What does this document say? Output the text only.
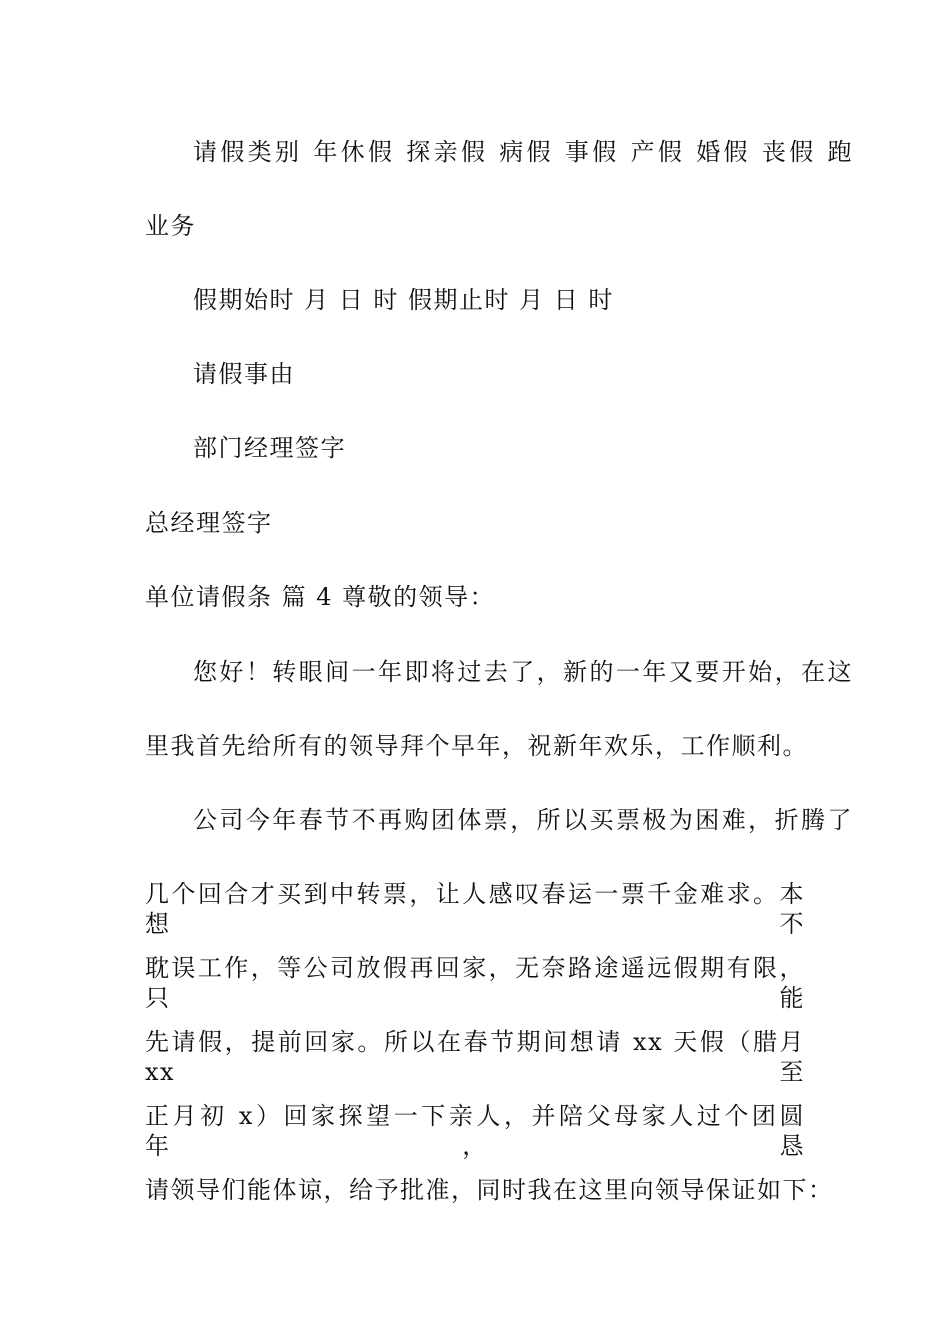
请假类别 年休假 探亲假 病假 事假 产假 婚假 丧假 跑
业务
假期始时 月 日 时 假期止时 月 日 时
请假事由
部门经理签字
总经理签字
单位请假条 篇 4 尊敬的领导：
您好！转眼间一年即将过去了，新的一年又要开始，在这
里我首先给所有的领导拜个早年，祝新年欢乐，工作顺利。
公司今年春节不再购团体票，所以买票极为困难，折腾了
几个回合才买到中转票，让人感叹春运一票千金难求。本想不
耽误工作，等公司放假再回家，无奈路途遥远假期有限，只能
先请假，提前回家。所以在春节期间想请 xx 天假（腊月 xx 至
正月初 x）回家探望一下亲人，并陪父母家人过个团圆年，恳
请领导们能体谅，给予批准，同时我在这里向领导保证如下：
